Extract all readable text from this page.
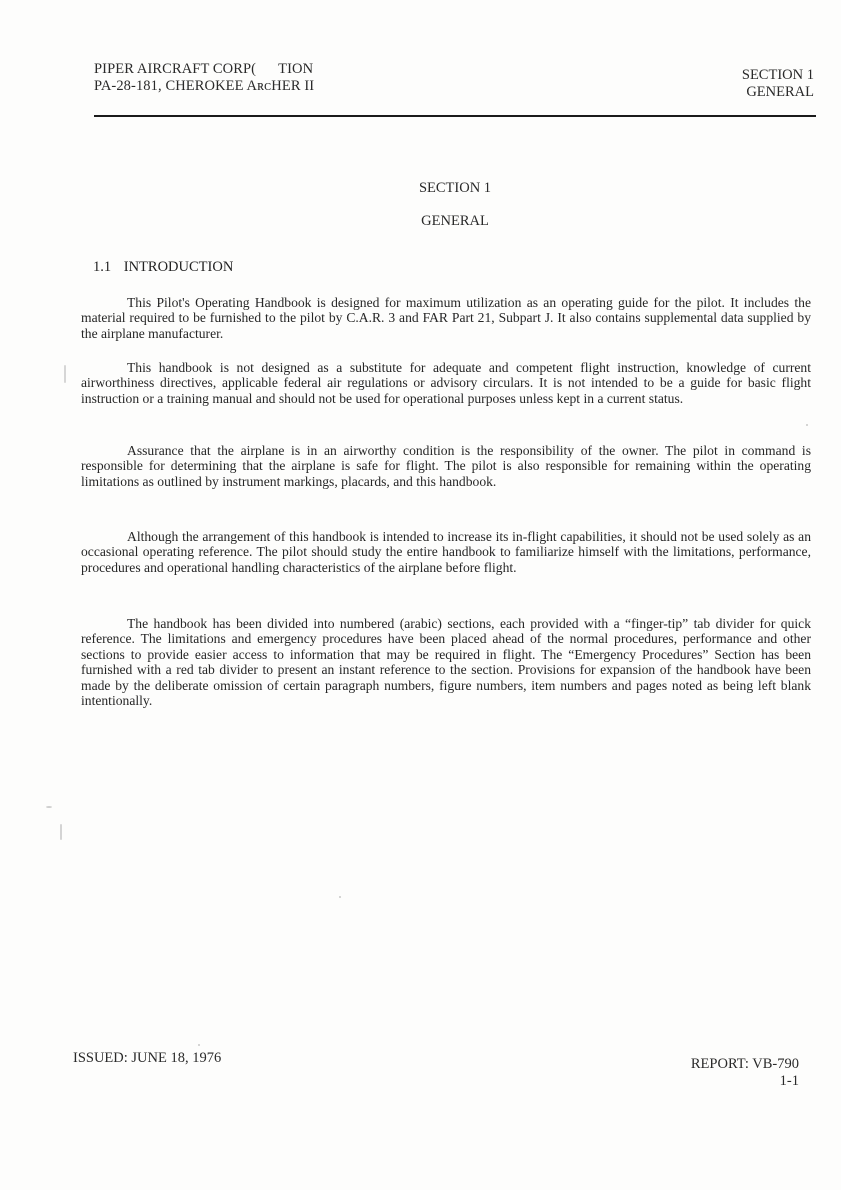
PIPER AIRCRAFT CORP(      TION
PA-28-181, CHEROKEE AʀᴄHER II
SECTION 1
GENERAL
SECTION 1
GENERAL
1.1 INTRODUCTION

This Pilot's Operating Handbook is designed for maximum utilization as an operating guide for the pilot. It includes the material required to be furnished to the pilot by C.A.R. 3 and FAR Part 21, Subpart J. It also contains supplemental data supplied by the airplane manufacturer.

This handbook is not designed as a substitute for adequate and competent flight instruction, knowledge of current airworthiness directives, applicable federal air regulations or advisory circulars. It is not intended to be a guide for basic flight instruction or a training manual and should not be used for operational purposes unless kept in a current status.

Assurance that the airplane is in an airworthy condition is the responsibility of the owner. The pilot in command is responsible for determining that the airplane is safe for flight. The pilot is also responsible for remaining within the operating limitations as outlined by instrument markings, placards, and this handbook.

Although the arrangement of this handbook is intended to increase its in-flight capabilities, it should not be used solely as an occasional operating reference. The pilot should study the entire handbook to familiarize himself with the limitations, performance, procedures and operational handling characteristics of the airplane before flight.

The handbook has been divided into numbered (arabic) sections, each provided with a “finger-tip” tab divider for quick reference. The limitations and emergency procedures have been placed ahead of the normal procedures, performance and other sections to provide easier access to information that may be required in flight. The “Emergency Procedures” Section has been furnished with a red tab divider to present an instant reference to the section. Provisions for expansion of the handbook have been made by the deliberate omission of certain paragraph numbers, figure numbers, item numbers and pages noted as being left blank intentionally.

ISSUED: JUNE 18, 1976	REPORT: VB-790
1-1
